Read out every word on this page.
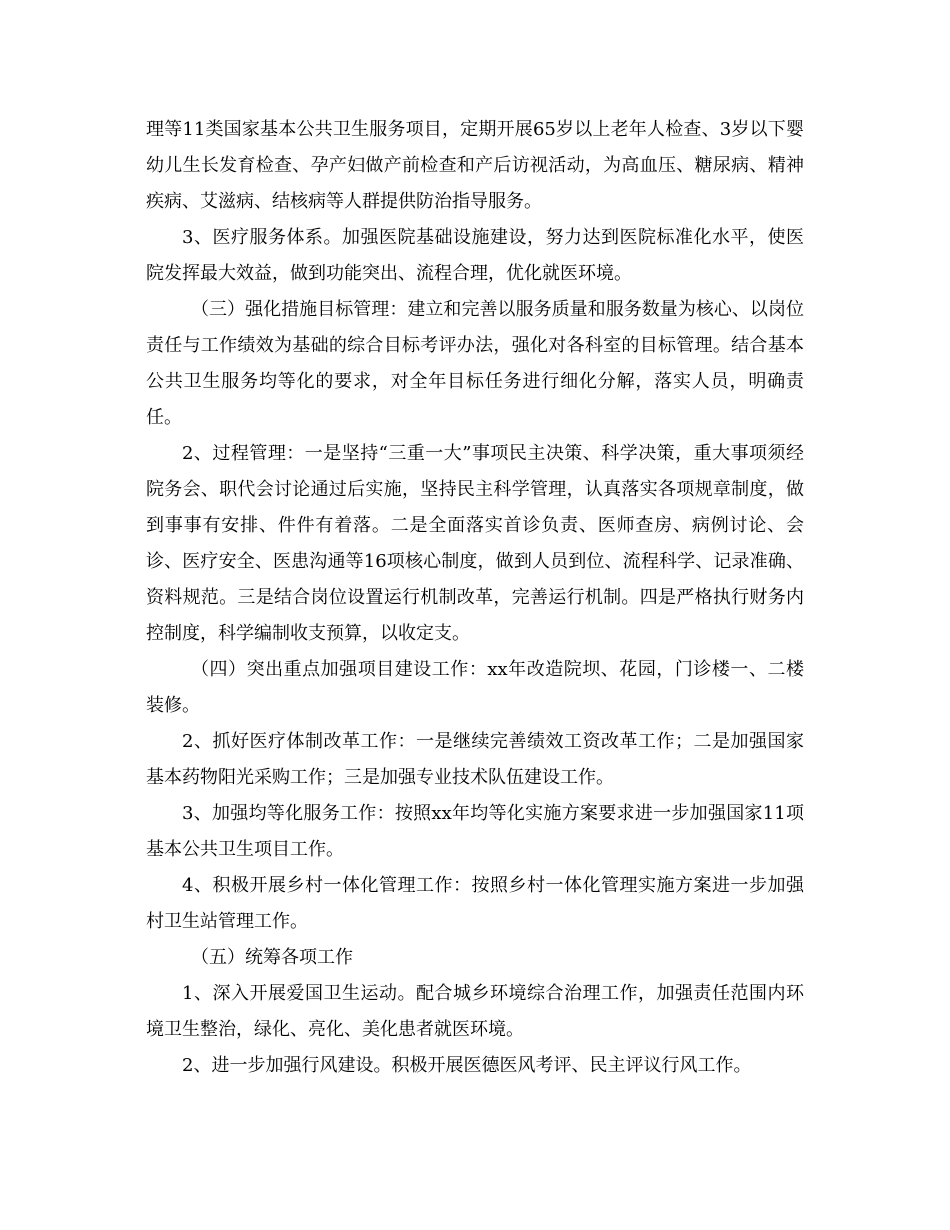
理等11类国家基本公共卫生服务项目，定期开展65岁以上老年人检查、3岁以下婴幼儿生长发育检查、孕产妇做产前检查和产后访视活动，为高血压、糖尿病、精神疾病、艾滋病、结核病等人群提供防治指导服务。

3、医疗服务体系。加强医院基础设施建设，努力达到医院标准化水平，使医院发挥最大效益，做到功能突出、流程合理，优化就医环境。

（三）强化措施目标管理：建立和完善以服务质量和服务数量为核心、以岗位责任与工作绩效为基础的综合目标考评办法，强化对各科室的目标管理。结合基本公共卫生服务均等化的要求，对全年目标任务进行细化分解，落实人员，明确责任。

2、过程管理：一是坚持“三重一大”事项民主决策、科学决策，重大事项须经院务会、职代会讨论通过后实施，坚持民主科学管理，认真落实各项规章制度，做到事事有安排、件件有着落。二是全面落实首诊负责、医师查房、病例讨论、会诊、医疗安全、医患沟通等16项核心制度，做到人员到位、流程科学、记录准确、资料规范。三是结合岗位设置运行机制改革，完善运行机制。四是严格执行财务内控制度，科学编制收支预算，以收定支。

（四）突出重点加强项目建设工作：xx年改造院坝、花园，门诊楼一、二楼装修。

2、抓好医疗体制改革工作：一是继续完善绩效工资改革工作；二是加强国家基本药物阳光采购工作；三是加强专业技术队伍建设工作。

3、加强均等化服务工作：按照xx年均等化实施方案要求进一步加强国家11项基本公共卫生项目工作。

4、积极开展乡村一体化管理工作：按照乡村一体化管理实施方案进一步加强村卫生站管理工作。

（五）统筹各项工作

1、深入开展爱国卫生运动。配合城乡环境综合治理工作，加强责任范围内环境卫生整治，绿化、亮化、美化患者就医环境。

2、进一步加强行风建设。积极开展医德医风考评、民主评议行风工作。
